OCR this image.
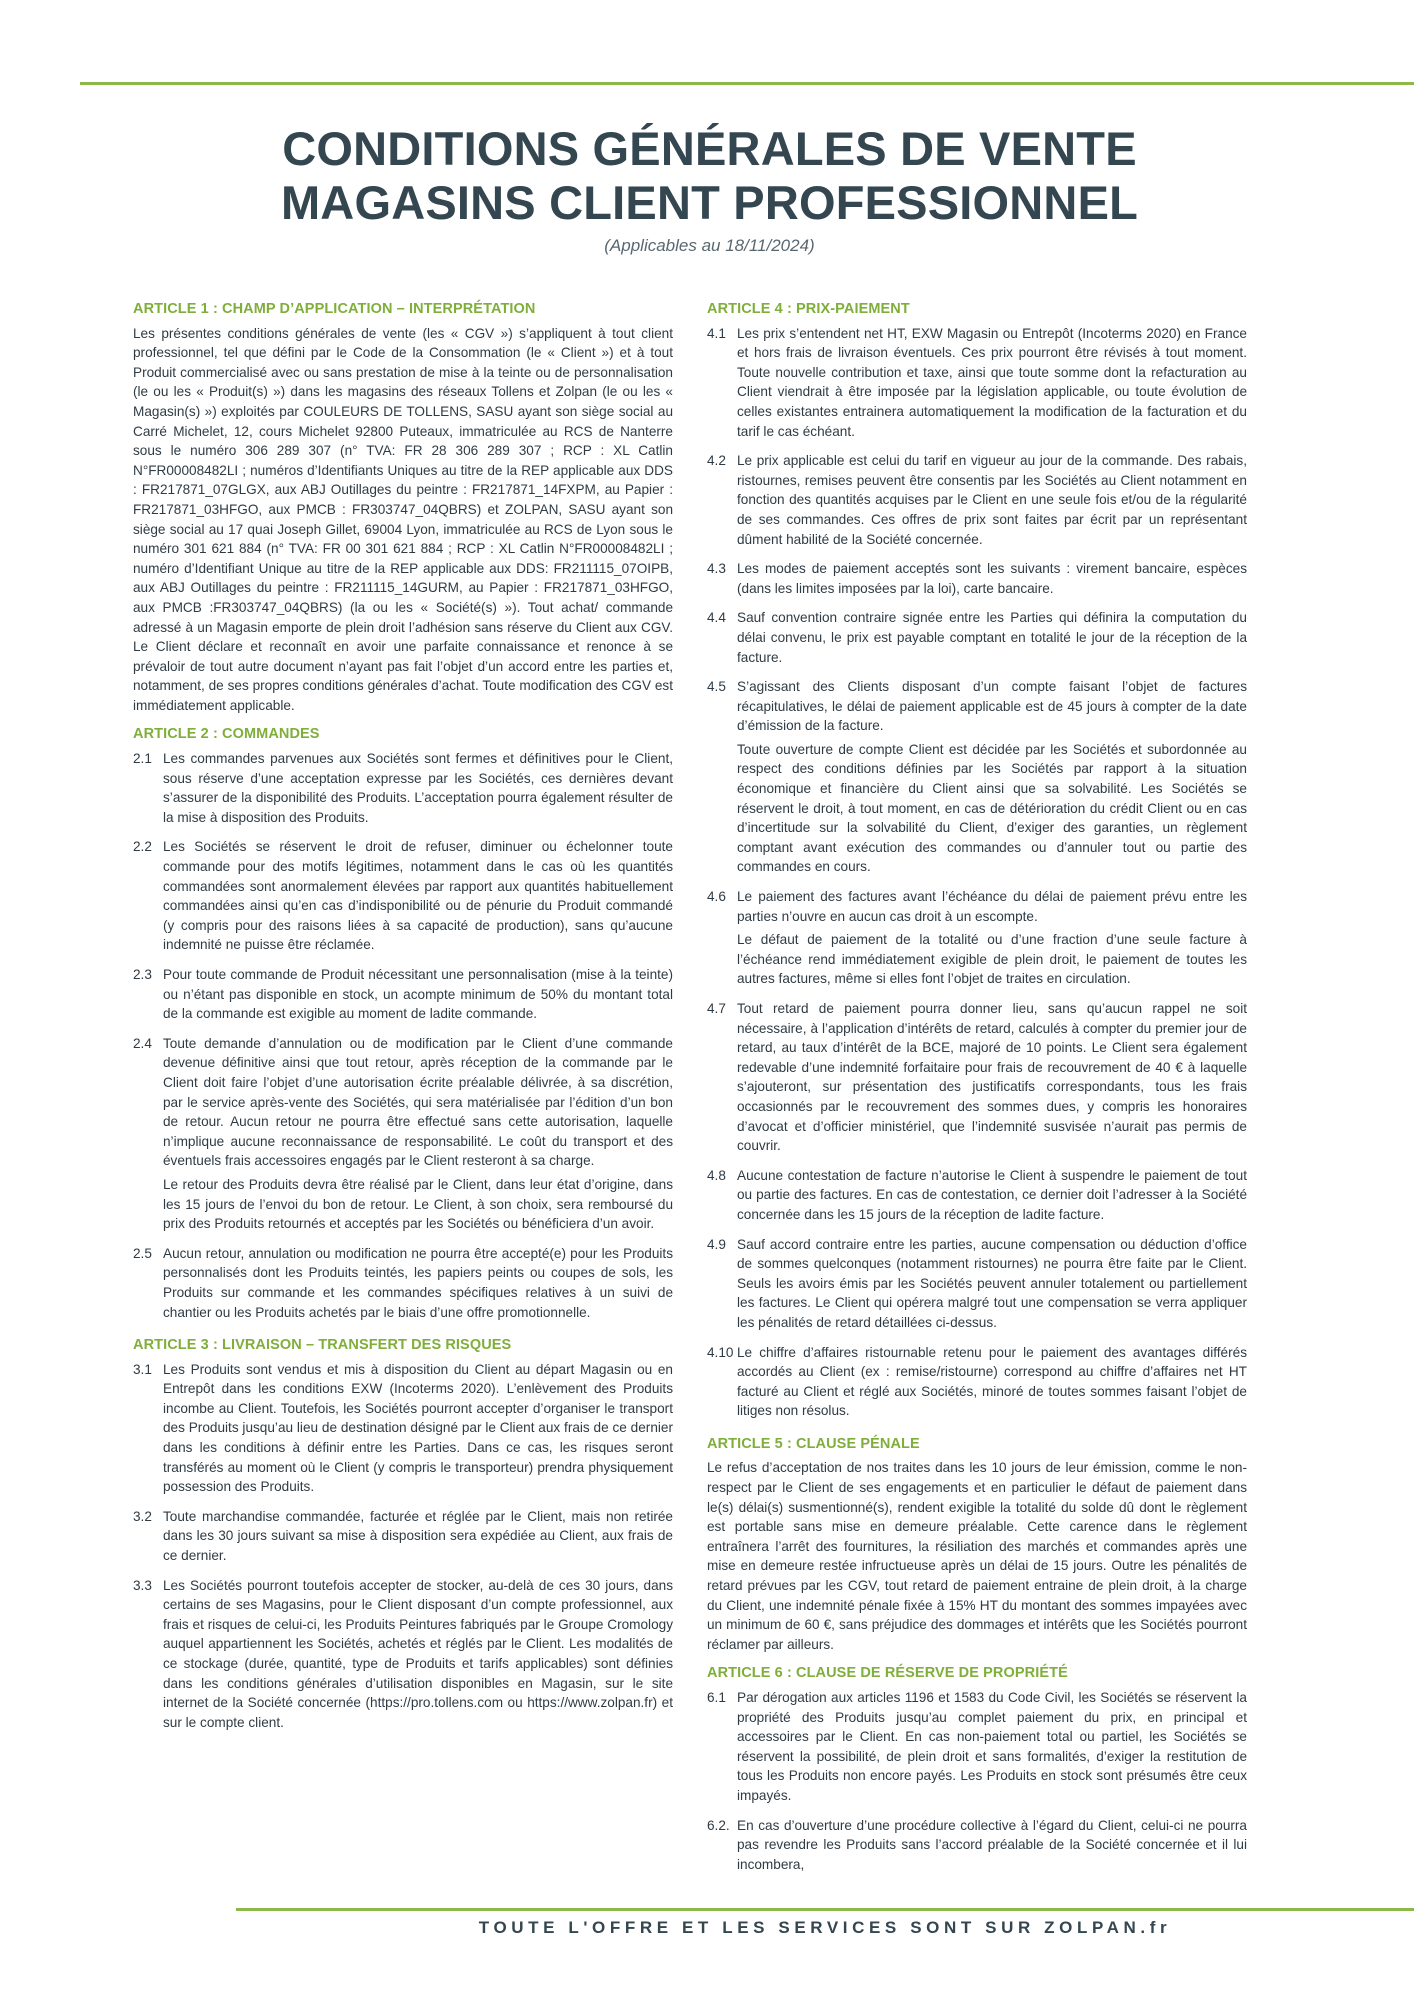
CONDITIONS GÉNÉRALES DE VENTE
MAGASINS CLIENT PROFESSIONNEL
(Applicables au 18/11/2024)
ARTICLE 1 : CHAMP D’APPLICATION – INTERPRÉTATION

Les présentes conditions générales de vente (les « CGV ») s’appliquent à tout client professionnel, tel que défini par le Code de la Consommation (le « Client ») et à tout Produit commercialisé avec ou sans prestation de mise à la teinte ou de personnalisation (le ou les « Produit(s) ») dans les magasins des réseaux Tollens et Zolpan (le ou les « Magasin(s) ») exploités par COULEURS DE TOLLENS, SASU ayant son siège social au Carré Michelet, 12, cours Michelet 92800 Puteaux, immatriculée au RCS de Nanterre sous le numéro 306 289 307 (n° TVA: FR 28 306 289 307 ; RCP : XL Catlin N°FR00008482LI ; numéros d’Identifiants Uniques au titre de la REP applicable aux DDS : FR217871_07GLGX, aux ABJ Outillages du peintre : FR217871_14FXPM, au Papier : FR217871_03HFGO, aux PMCB : FR303747_04QBRS) et ZOLPAN, SASU ayant son siège social au 17 quai Joseph Gillet, 69004 Lyon, immatriculée au RCS de Lyon sous le numéro 301 621 884 (n° TVA: FR 00 301 621 884 ; RCP : XL Catlin N°FR00008482LI ; numéro d’Identifiant Unique au titre de la REP applicable aux DDS: FR211115_07OIPB, aux ABJ Outillages du peintre : FR211115_14GURM, au Papier : FR217871_03HFGO, aux PMCB :FR303747_04QBRS) (la ou les « Société(s) »). Tout achat/ commande adressé à un Magasin emporte de plein droit l’adhésion sans réserve du Client aux CGV. Le Client déclare et reconnaît en avoir une parfaite connaissance et renonce à se prévaloir de tout autre document n’ayant pas fait l’objet d’un accord entre les parties et, notamment, de ses propres conditions générales d’achat. Toute modification des CGV est immédiatement applicable.

ARTICLE 2 : COMMANDES
2.1 Les commandes parvenues aux Sociétés sont fermes et définitives pour le Client, sous réserve d’une acceptation expresse par les Sociétés, ces dernières devant s’assurer de la disponibilité des Produits. L’acceptation pourra également résulter de la mise à disposition des Produits.

2.2 Les Sociétés se réservent le droit de refuser, diminuer ou échelonner toute commande pour des motifs légitimes, notamment dans le cas où les quantités commandées sont anormalement élevées par rapport aux quantités habituellement commandées ainsi qu’en cas d’indisponibilité ou de pénurie du Produit commandé (y compris pour des raisons liées à sa capacité de production), sans qu’aucune indemnité ne puisse être réclamée.

2.3 Pour toute commande de Produit nécessitant une personnalisation (mise à la teinte) ou n’étant pas disponible en stock, un acompte minimum de 50% du montant total de la commande est exigible au moment de ladite commande.

2.4 Toute demande d’annulation ou de modification par le Client d’une commande devenue définitive ainsi que tout retour, après réception de la commande par le Client doit faire l’objet d’une autorisation écrite préalable délivrée, à sa discrétion, par le service après-vente des Sociétés, qui sera matérialisée par l’édition d’un bon de retour. Aucun retour ne pourra être effectué sans cette autorisation, laquelle n’implique aucune reconnaissance de responsabilité. Le coût du transport et des éventuels frais accessoires engagés par le Client resteront à sa charge.

Le retour des Produits devra être réalisé par le Client, dans leur état d’origine, dans les 15 jours de l’envoi du bon de retour. Le Client, à son choix, sera remboursé du prix des Produits retournés et acceptés par les Sociétés ou bénéficiera d’un avoir.

2.5 Aucun retour, annulation ou modification ne pourra être accepté(e) pour les Produits personnalisés dont les Produits teintés, les papiers peints ou coupes de sols, les Produits sur commande et les commandes spécifiques relatives à un suivi de chantier ou les Produits achetés par le biais d’une offre promotionnelle.

ARTICLE 3 : LIVRAISON – TRANSFERT DES RISQUES
3.1 Les Produits sont vendus et mis à disposition du Client au départ Magasin ou en Entrepôt dans les conditions EXW (Incoterms 2020). L’enlèvement des Produits incombe au Client. Toutefois, les Sociétés pourront accepter d’organiser le transport des Produits jusqu’au lieu de destination désigné par le Client aux frais de ce dernier dans les conditions à définir entre les Parties. Dans ce cas, les risques seront transférés au moment où le Client (y compris le transporteur) prendra physiquement possession des Produits.

3.2 Toute marchandise commandée, facturée et réglée par le Client, mais non retirée dans les 30 jours suivant sa mise à disposition sera expédiée au Client, aux frais de ce dernier.

3.3 Les Sociétés pourront toutefois accepter de stocker, au-delà de ces 30 jours, dans certains de ses Magasins, pour le Client disposant d’un compte professionnel, aux frais et risques de celui-ci, les Produits Peintures fabriqués par le Groupe Cromology auquel appartiennent les Sociétés, achetés et réglés par le Client. Les modalités de ce stockage (durée, quantité, type de Produits et tarifs applicables) sont définies dans les conditions générales d’utilisation disponibles en Magasin, sur le site internet de la Société concernée (https://pro.tollens.com ou https://www.zolpan.fr) et sur le compte client.

ARTICLE 4 : PRIX-PAIEMENT
4.1 Les prix s’entendent net HT, EXW Magasin ou Entrepôt (Incoterms 2020) en France et hors frais de livraison éventuels. Ces prix pourront être révisés à tout moment. Toute nouvelle contribution et taxe, ainsi que toute somme dont la refacturation au Client viendrait à être imposée par la législation applicable, ou toute évolution de celles existantes entrainera automatiquement la modification de la facturation et du tarif le cas échéant.

4.2 Le prix applicable est celui du tarif en vigueur au jour de la commande. Des rabais, ristournes, remises peuvent être consentis par les Sociétés au Client notamment en fonction des quantités acquises par le Client en une seule fois et/ou de la régularité de ses commandes. Ces offres de prix sont faites par écrit par un représentant dûment habilité de la Société concernée.

4.3 Les modes de paiement acceptés sont les suivants : virement bancaire, espèces (dans les limites imposées par la loi), carte bancaire.

4.4 Sauf convention contraire signée entre les Parties qui définira la computation du délai convenu, le prix est payable comptant en totalité le jour de la réception de la facture.

4.5 S’agissant des Clients disposant d’un compte faisant l’objet de factures récapitulatives, le délai de paiement applicable est de 45 jours à compter de la date d’émission de la facture.

Toute ouverture de compte Client est décidée par les Sociétés et subordonnée au respect des conditions définies par les Sociétés par rapport à la situation économique et financière du Client ainsi que sa solvabilité. Les Sociétés se réservent le droit, à tout moment, en cas de détérioration du crédit Client ou en cas d’incertitude sur la solvabilité du Client, d’exiger des garanties, un règlement comptant avant exécution des commandes ou d’annuler tout ou partie des commandes en cours.

4.6 Le paiement des factures avant l’échéance du délai de paiement prévu entre les parties n’ouvre en aucun cas droit à un escompte.

Le défaut de paiement de la totalité ou d’une fraction d’une seule facture à l’échéance rend immédiatement exigible de plein droit, le paiement de toutes les autres factures, même si elles font l’objet de traites en circulation.

4.7 Tout retard de paiement pourra donner lieu, sans qu’aucun rappel ne soit nécessaire, à l’application d’intérêts de retard, calculés à compter du premier jour de retard, au taux d’intérêt de la BCE, majoré de 10 points. Le Client sera également redevable d’une indemnité forfaitaire pour frais de recouvrement de 40 € à laquelle s’ajouteront, sur présentation des justificatifs correspondants, tous les frais occasionnés par le recouvrement des sommes dues, y compris les honoraires d’avocat et d’officier ministériel, que l’indemnité susvisée n’aurait pas permis de couvrir.

4.8 Aucune contestation de facture n’autorise le Client à suspendre le paiement de tout ou partie des factures. En cas de contestation, ce dernier doit l’adresser à la Société concernée dans les 15 jours de la réception de ladite facture.

4.9 Sauf accord contraire entre les parties, aucune compensation ou déduction d’office de sommes quelconques (notamment ristournes) ne pourra être faite par le Client. Seuls les avoirs émis par les Sociétés peuvent annuler totalement ou partiellement les factures. Le Client qui opérera malgré tout une compensation se verra appliquer les pénalités de retard détaillées ci-dessus.

4.10 Le chiffre d’affaires ristournable retenu pour le paiement des avantages différés accordés au Client (ex : remise/ristourne) correspond au chiffre d’affaires net HT facturé au Client et réglé aux Sociétés, minoré de toutes sommes faisant l’objet de litiges non résolus.

ARTICLE 5 : CLAUSE PÉNALE

Le refus d’acceptation de nos traites dans les 10 jours de leur émission, comme le non-respect par le Client de ses engagements et en particulier le défaut de paiement dans le(s) délai(s) susmentionné(s), rendent exigible la totalité du solde dû dont le règlement est portable sans mise en demeure préalable. Cette carence dans le règlement entraînera l’arrêt des fournitures, la résiliation des marchés et commandes après une mise en demeure restée infructueuse après un délai de 15 jours. Outre les pénalités de retard prévues par les CGV, tout retard de paiement entraine de plein droit, à la charge du Client, une indemnité pénale fixée à 15% HT du montant des sommes impayées avec un minimum de 60 €, sans préjudice des dommages et intérêts que les Sociétés pourront réclamer par ailleurs.

ARTICLE 6 : CLAUSE DE RÉSERVE DE PROPRIÉTÉ
6.1 Par dérogation aux articles 1196 et 1583 du Code Civil, les Sociétés se réservent la propriété des Produits jusqu’au complet paiement du prix, en principal et accessoires par le Client. En cas non-paiement total ou partiel, les Sociétés se réservent la possibilité, de plein droit et sans formalités, d’exiger la restitution de tous les Produits non encore payés. Les Produits en stock sont présumés être ceux impayés.

6.2. En cas d’ouverture d’une procédure collective à l’égard du Client, celui-ci ne pourra pas revendre les Produits sans l’accord préalable de la Société concernée et il lui incombera,

TOUTE L'OFFRE ET LES SERVICES SONT SUR ZOLPAN.fr
